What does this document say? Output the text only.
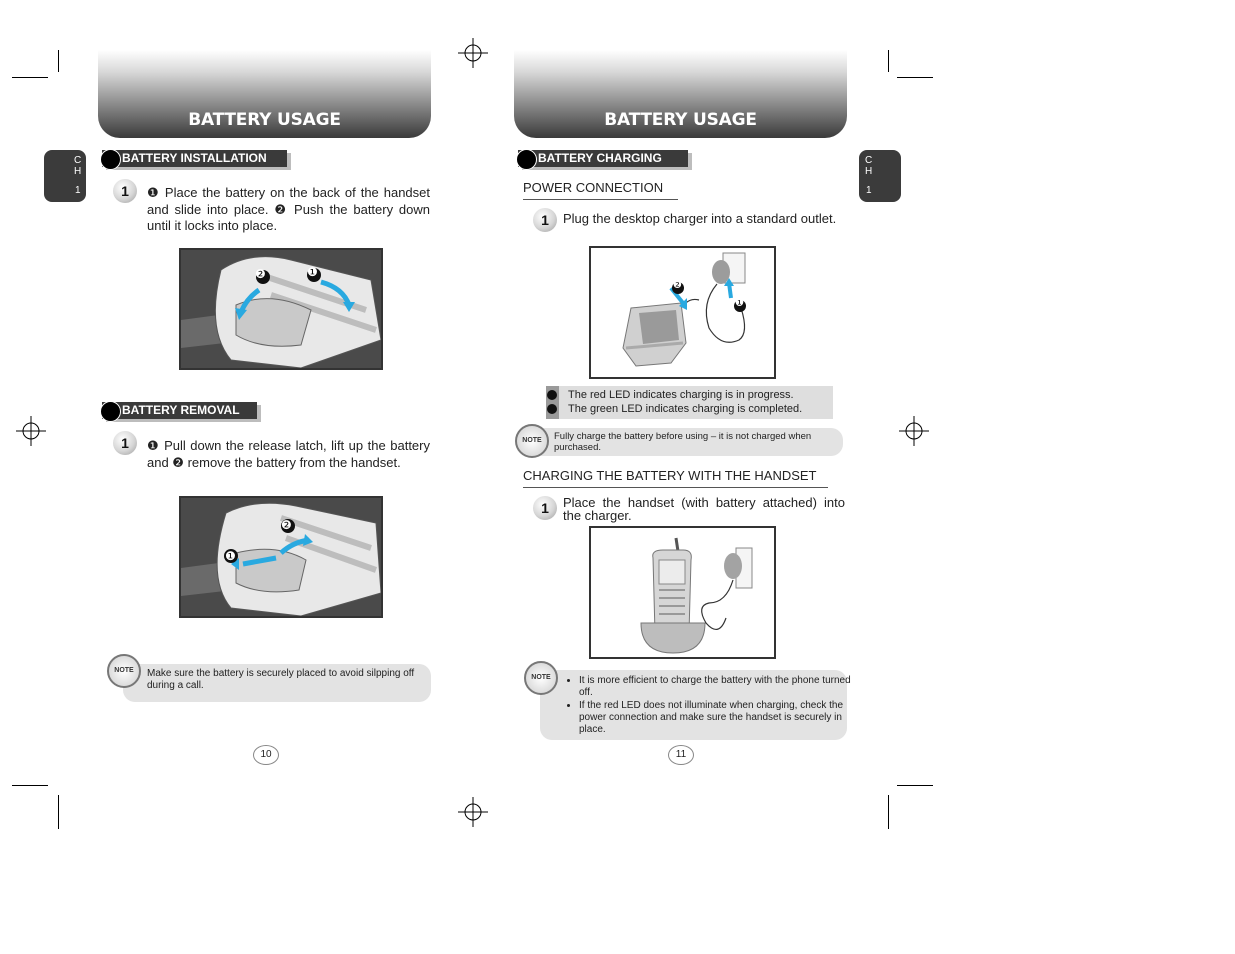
BATTERY USAGE
C
H
1
BATTERY INSTALLATION
1	❶ Place the battery on the back of the handset and slide into place. ❷ Push the battery down until it locks into place.
❷	❶
BATTERY REMOVAL
1	❶ Pull down the release latch, lift up the battery and ❷ remove the battery from the handset.
❷
❶
Make sure the battery is securely placed to avoid silpping off during a call.
NOTE
10
BATTERY USAGE
C
H
1
BATTERY CHARGING
POWER CONNECTION
1	Plug the desktop charger into a standard outlet.
❷
❶
The red LED indicates charging is in progress.
The green LED indicates charging is completed.
Fully charge the battery before using – it is not charged when purchased.
NOTE
CHARGING THE BATTERY WITH THE HANDSET
1	Place the handset (with battery attached) into the charger.
• It is more efficient to charge the battery with the phone turned off.
• If the red LED does not illuminate when charging, check the power connection and make sure the handset is securely in place.
NOTE
11
